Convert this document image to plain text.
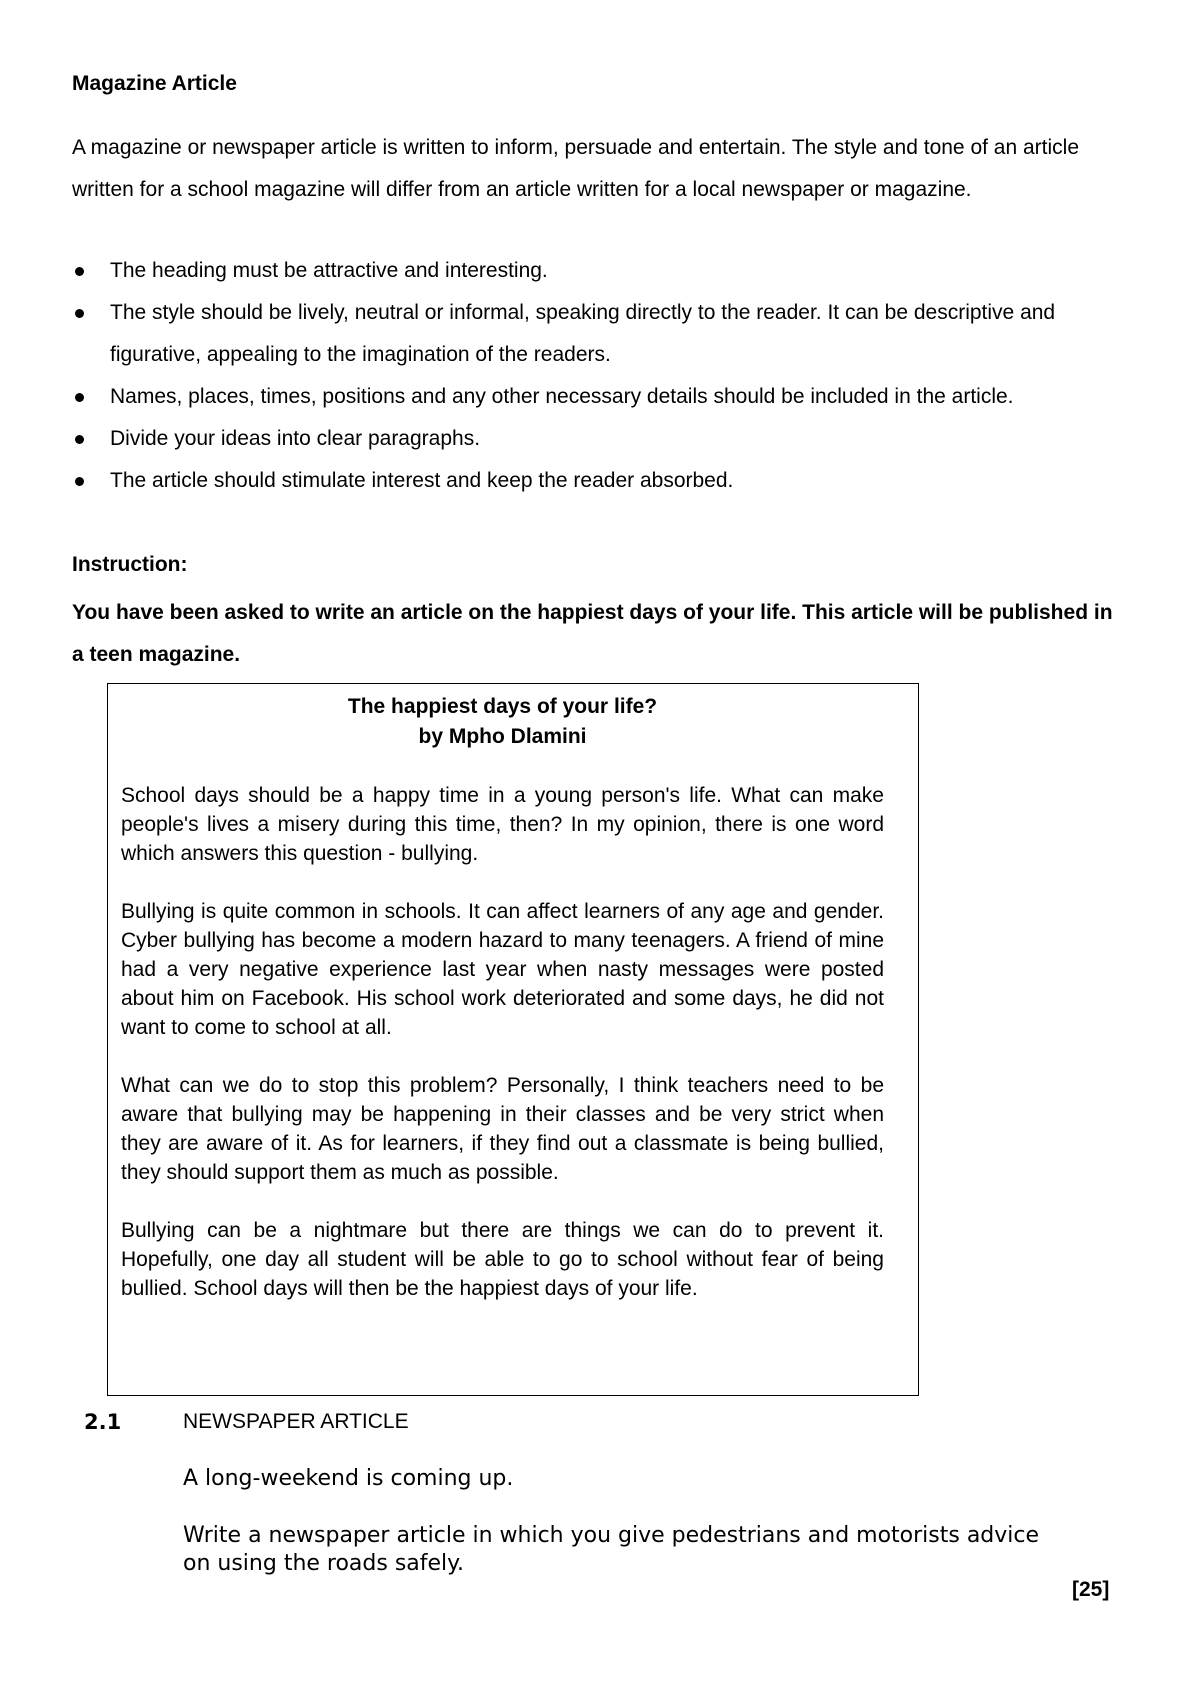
Magazine Article

A magazine or newspaper article is written to inform, persuade and entertain. The style and tone of an article written for a school magazine will differ from an article written for a local newspaper or magazine.

The heading must be attractive and interesting.
The style should be lively, neutral or informal, speaking directly to the reader. It can be descriptive and figurative, appealing to the imagination of the readers.
Names, places, times, positions and any other necessary details should be included in the article.
Divide your ideas into clear paragraphs.
The article should stimulate interest and keep the reader absorbed.

Instruction:

You have been asked to write an article on the happiest days of your life. This article will be published in a teen magazine.

The happiest days of your life?

by Mpho Dlamini

School days should be a happy time in a young person's life. What can make people's lives a misery during this time, then? In my opinion, there is one word which answers this question - bullying.

Bullying is quite common in schools. It can affect learners of any age and gender. Cyber bullying has become a modern hazard to many teenagers. A friend of mine had a very negative experience last year when nasty messages were posted about him on Facebook. His school work deteriorated and some days, he did not want to come to school at all.

What can we do to stop this problem? Personally, I think teachers need to be aware that bullying may be happening in their classes and be very strict when they are aware of it. As for learners, if they find out a classmate is being bullied, they should support them as much as possible.

Bullying can be a nightmare but there are things we can do to prevent it. Hopefully, one day all student will be able to go to school without fear of being bullied. School days will then be the happiest days of your life.

2.1	NEWSPAPER ARTICLE

A long-weekend is coming up.

Write a newspaper article in which you give pedestrians and motorists advice
on using the roads safely.

[25]
